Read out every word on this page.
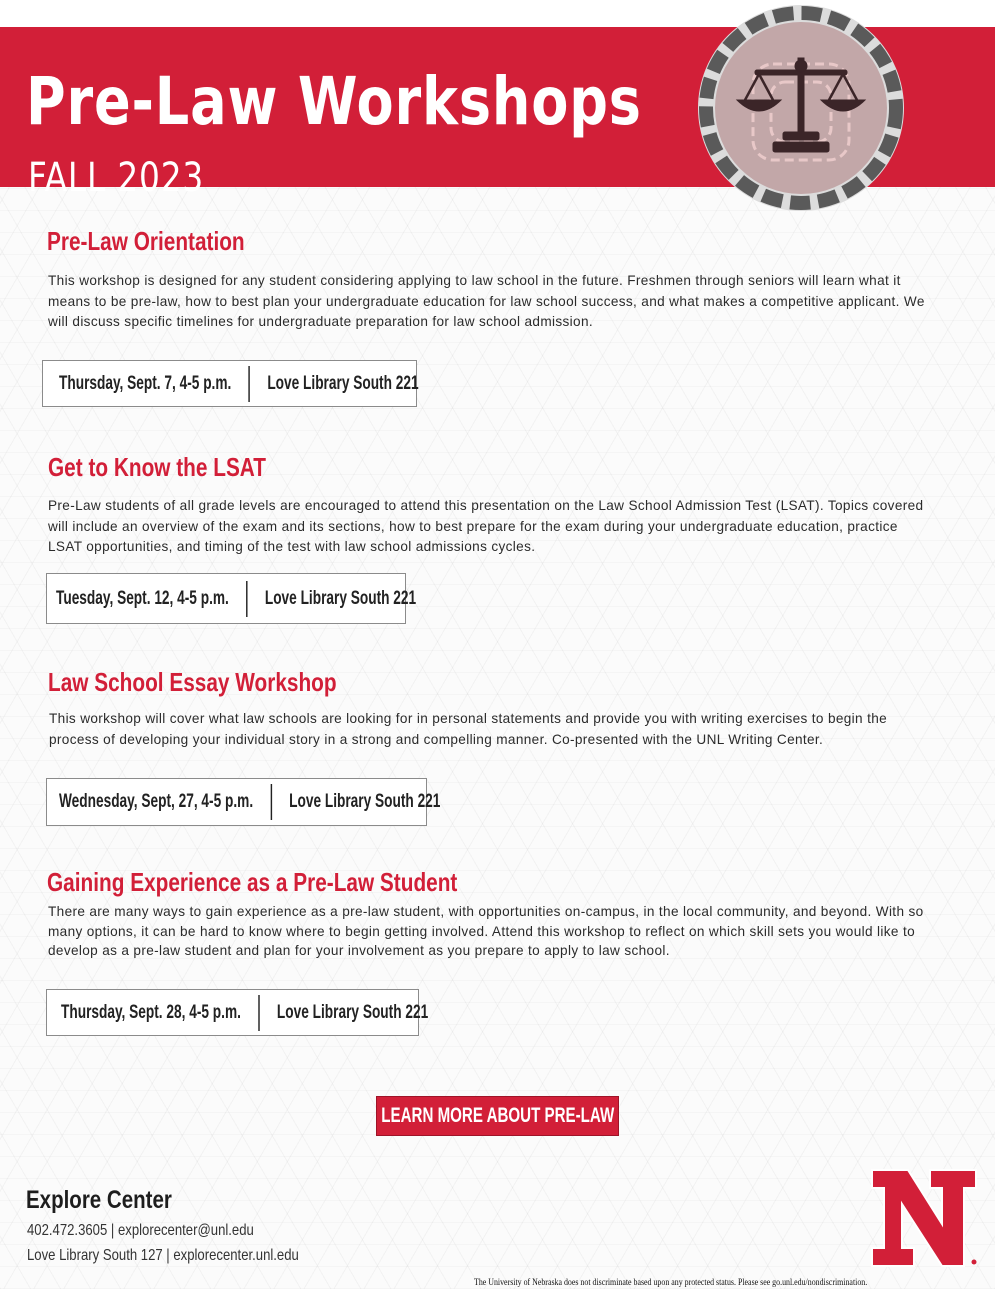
Pre-Law Workshops
FALL 2023
Pre-Law Orientation
This workshop is designed for any student considering applying to law school in the future. Freshmen through seniors will learn what it means to be pre-law, how to best plan your undergraduate education for law school success, and what makes a competitive applicant. We will discuss specific timelines for undergraduate preparation for law school admission.
Thursday, Sept. 7, 4-5 p.m. Love Library South 221
Get to Know the LSAT
Pre-Law students of all grade levels are encouraged to attend this presentation on the Law School Admission Test (LSAT). Topics covered will include an overview of the exam and its sections, how to best prepare for the exam during your undergraduate education, practice LSAT opportunities, and timing of the test with law school admissions cycles.
Tuesday, Sept. 12, 4-5 p.m. Love Library South 221
Law School Essay Workshop
This workshop will cover what law schools are looking for in personal statements and provide you with writing exercises to begin the process of developing your individual story in a strong and compelling manner. Co-presented with the UNL Writing Center.
Wednesday, Sept, 27, 4-5 p.m. Love Library South 221
Gaining Experience as a Pre-Law Student
There are many ways to gain experience as a pre-law student, with opportunities on-campus, in the local community, and beyond. With so many options, it can be hard to know where to begin getting involved. Attend this workshop to reflect on which skill sets you would like to develop as a pre-law student and plan for your involvement as you prepare to apply to law school.
Thursday, Sept. 28, 4-5 p.m. Love Library South 221
LEARN MORE ABOUT PRE-LAW
Explore Center
402.472.3605 | explorecenter@unl.edu
Love Library South 127 | explorecenter.unl.edu
The University of Nebraska does not discriminate based upon any protected status. Please see go.unl.edu/nondiscrimination.
